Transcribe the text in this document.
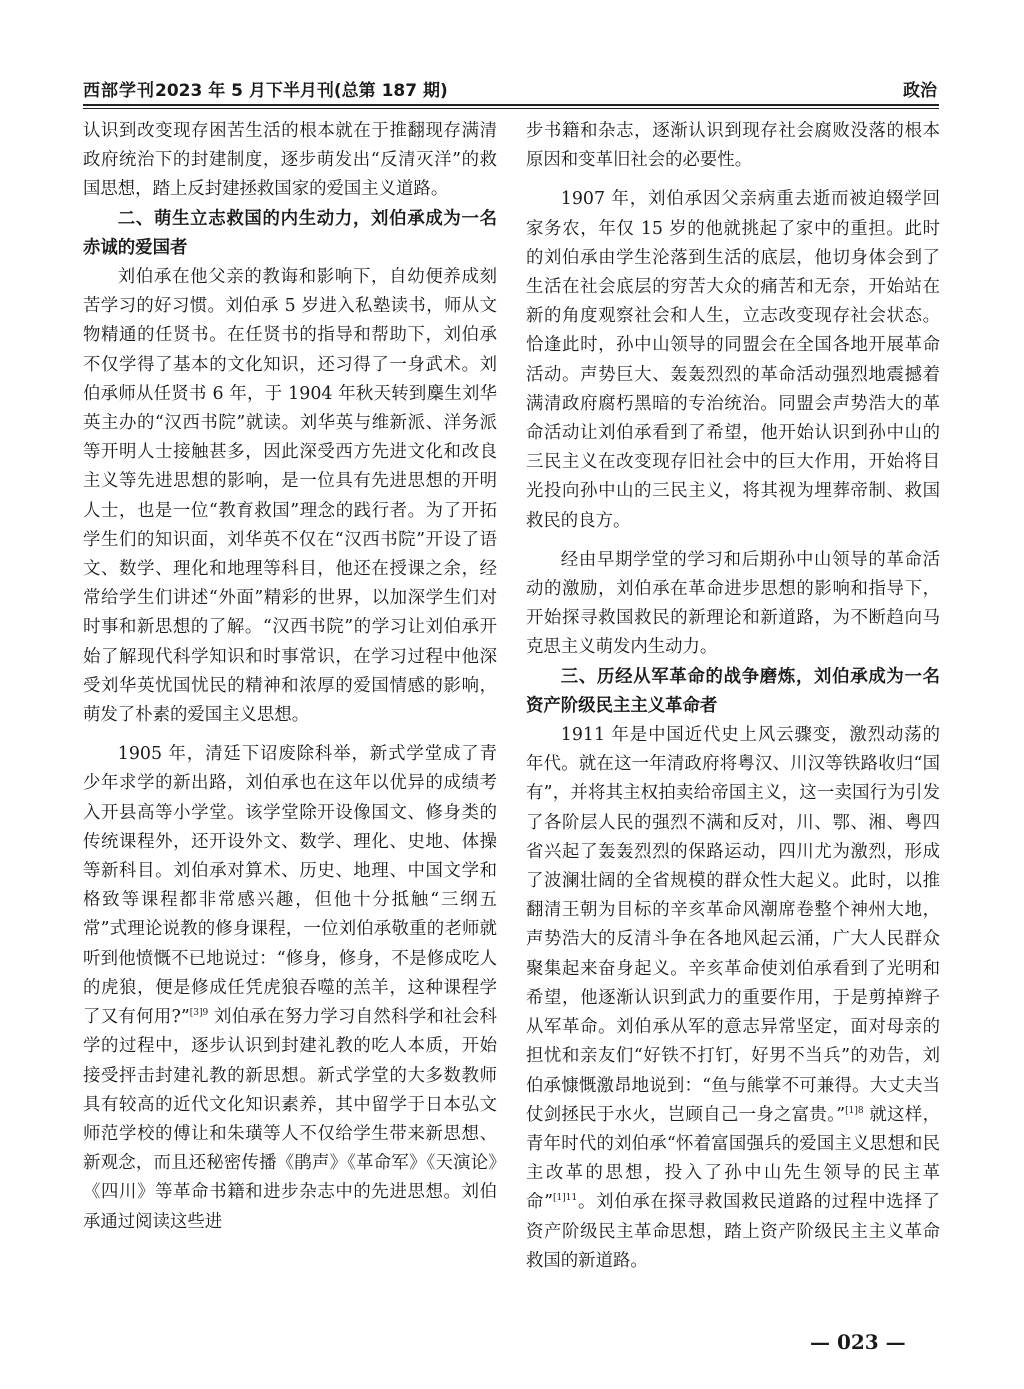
西部学刊2023 年 5 月下半月刊(总第 187 期)	政治

认识到改变现存困苦生活的根本就在于推翻现存满清政府统治下的封建制度，逐步萌发出“反清灭洋”的救国思想，踏上反封建拯救国家的爱国主义道路。

二、萌生立志救国的内生动力，刘伯承成为一名赤诚的爱国者

刘伯承在他父亲的教诲和影响下，自幼便养成刻苦学习的好习惯。刘伯承 5 岁进入私塾读书，师从文物精通的任贤书。在任贤书的指导和帮助下，刘伯承不仅学得了基本的文化知识，还习得了一身武术。刘伯承师从任贤书 6 年，于 1904 年秋天转到麇生刘华英主办的“汉西书院”就读。刘华英与维新派、洋务派等开明人士接触甚多，因此深受西方先进文化和改良主义等先进思想的影响，是一位具有先进思想的开明人士，也是一位“教育救国”理念的践行者。为了开拓学生们的知识面，刘华英不仅在“汉西书院”开设了语文、数学、理化和地理等科目，他还在授课之余，经常给学生们讲述“外面”精彩的世界，以加深学生们对时事和新思想的了解。“汉西书院”的学习让刘伯承开始了解现代科学知识和时事常识，在学习过程中他深受刘华英忧国忧民的精神和浓厚的爱国情感的影响，萌发了朴素的爱国主义思想。

1905 年，清廷下诏废除科举，新式学堂成了青少年求学的新出路，刘伯承也在这年以优异的成绩考入开县高等小学堂。该学堂除开设像国文、修身类的传统课程外，还开设外文、数学、理化、史地、体操等新科目。刘伯承对算术、历史、地理、中国文学和格致等课程都非常感兴趣，但他十分抵触“三纲五常”式理论说教的修身课程，一位刘伯承敬重的老师就听到他愤慨不已地说过：“修身，修身，不是修成吃人的虎狼，便是修成任凭虎狼吞噬的羔羊，这种课程学了又有何用?”$^{[3]9}$ 刘伯承在努力学习自然科学和社会科学的过程中，逐步认识到封建礼教的吃人本质，开始接受抨击封建礼教的新思想。新式学堂的大多数教师具有较高的近代文化知识素养，其中留学于日本弘文师范学校的傅让和朱璜等人不仅给学生带来新思想、新观念，而且还秘密传播《鹃声》《革命军》《天演论》《四川》等革命书籍和进步杂志中的先进思想。刘伯承通过阅读这些进

步书籍和杂志，逐渐认识到现存社会腐败没落的根本原因和变革旧社会的必要性。

1907 年，刘伯承因父亲病重去逝而被迫辍学回家务农，年仅 15 岁的他就挑起了家中的重担。此时的刘伯承由学生沦落到生活的底层，他切身体会到了生活在社会底层的穷苦大众的痛苦和无奈，开始站在新的角度观察社会和人生，立志改变现存社会状态。恰逢此时，孙中山领导的同盟会在全国各地开展革命活动。声势巨大、轰轰烈烈的革命活动强烈地震撼着满清政府腐朽黑暗的专治统治。同盟会声势浩大的革命活动让刘伯承看到了希望，他开始认识到孙中山的三民主义在改变现存旧社会中的巨大作用，开始将目光投向孙中山的三民主义，将其视为埋葬帝制、救国救民的良方。

经由早期学堂的学习和后期孙中山领导的革命活动的激励，刘伯承在革命进步思想的影响和指导下，开始探寻救国救民的新理论和新道路，为不断趋向马克思主义萌发内生动力。

三、历经从军革命的战争磨炼，刘伯承成为一名资产阶级民主主义革命者

1911 年是中国近代史上风云骤变，激烈动荡的年代。就在这一年清政府将粤汉、川汉等铁路收归“国有”，并将其主权拍卖给帝国主义，这一卖国行为引发了各阶层人民的强烈不满和反对，川、鄂、湘、粤四省兴起了轰轰烈烈的保路运动，四川尤为激烈，形成了波澜壮阔的全省规模的群众性大起义。此时，以推翻清王朝为目标的辛亥革命风潮席卷整个神州大地，声势浩大的反清斗争在各地风起云涌，广大人民群众聚集起来奋身起义。辛亥革命使刘伯承看到了光明和希望，他逐渐认识到武力的重要作用，于是剪掉辫子从军革命。刘伯承从军的意志异常坚定，面对母亲的担忧和亲友们“好铁不打钉，好男不当兵”的劝告，刘伯承慷慨激昂地说到：“鱼与熊掌不可兼得。大丈夫当仗剑拯民于水火，岂顾自己一身之富贵。”$^{[1]8}$ 就这样，青年时代的刘伯承“怀着富国强兵的爱国主义思想和民主改革的思想，投入了孙中山先生领导的民主革命”$^{[1]11}$。刘伯承在探寻救国救民道路的过程中选择了资产阶级民主革命思想，踏上资产阶级民主主义革命救国的新道路。

— 023 —
